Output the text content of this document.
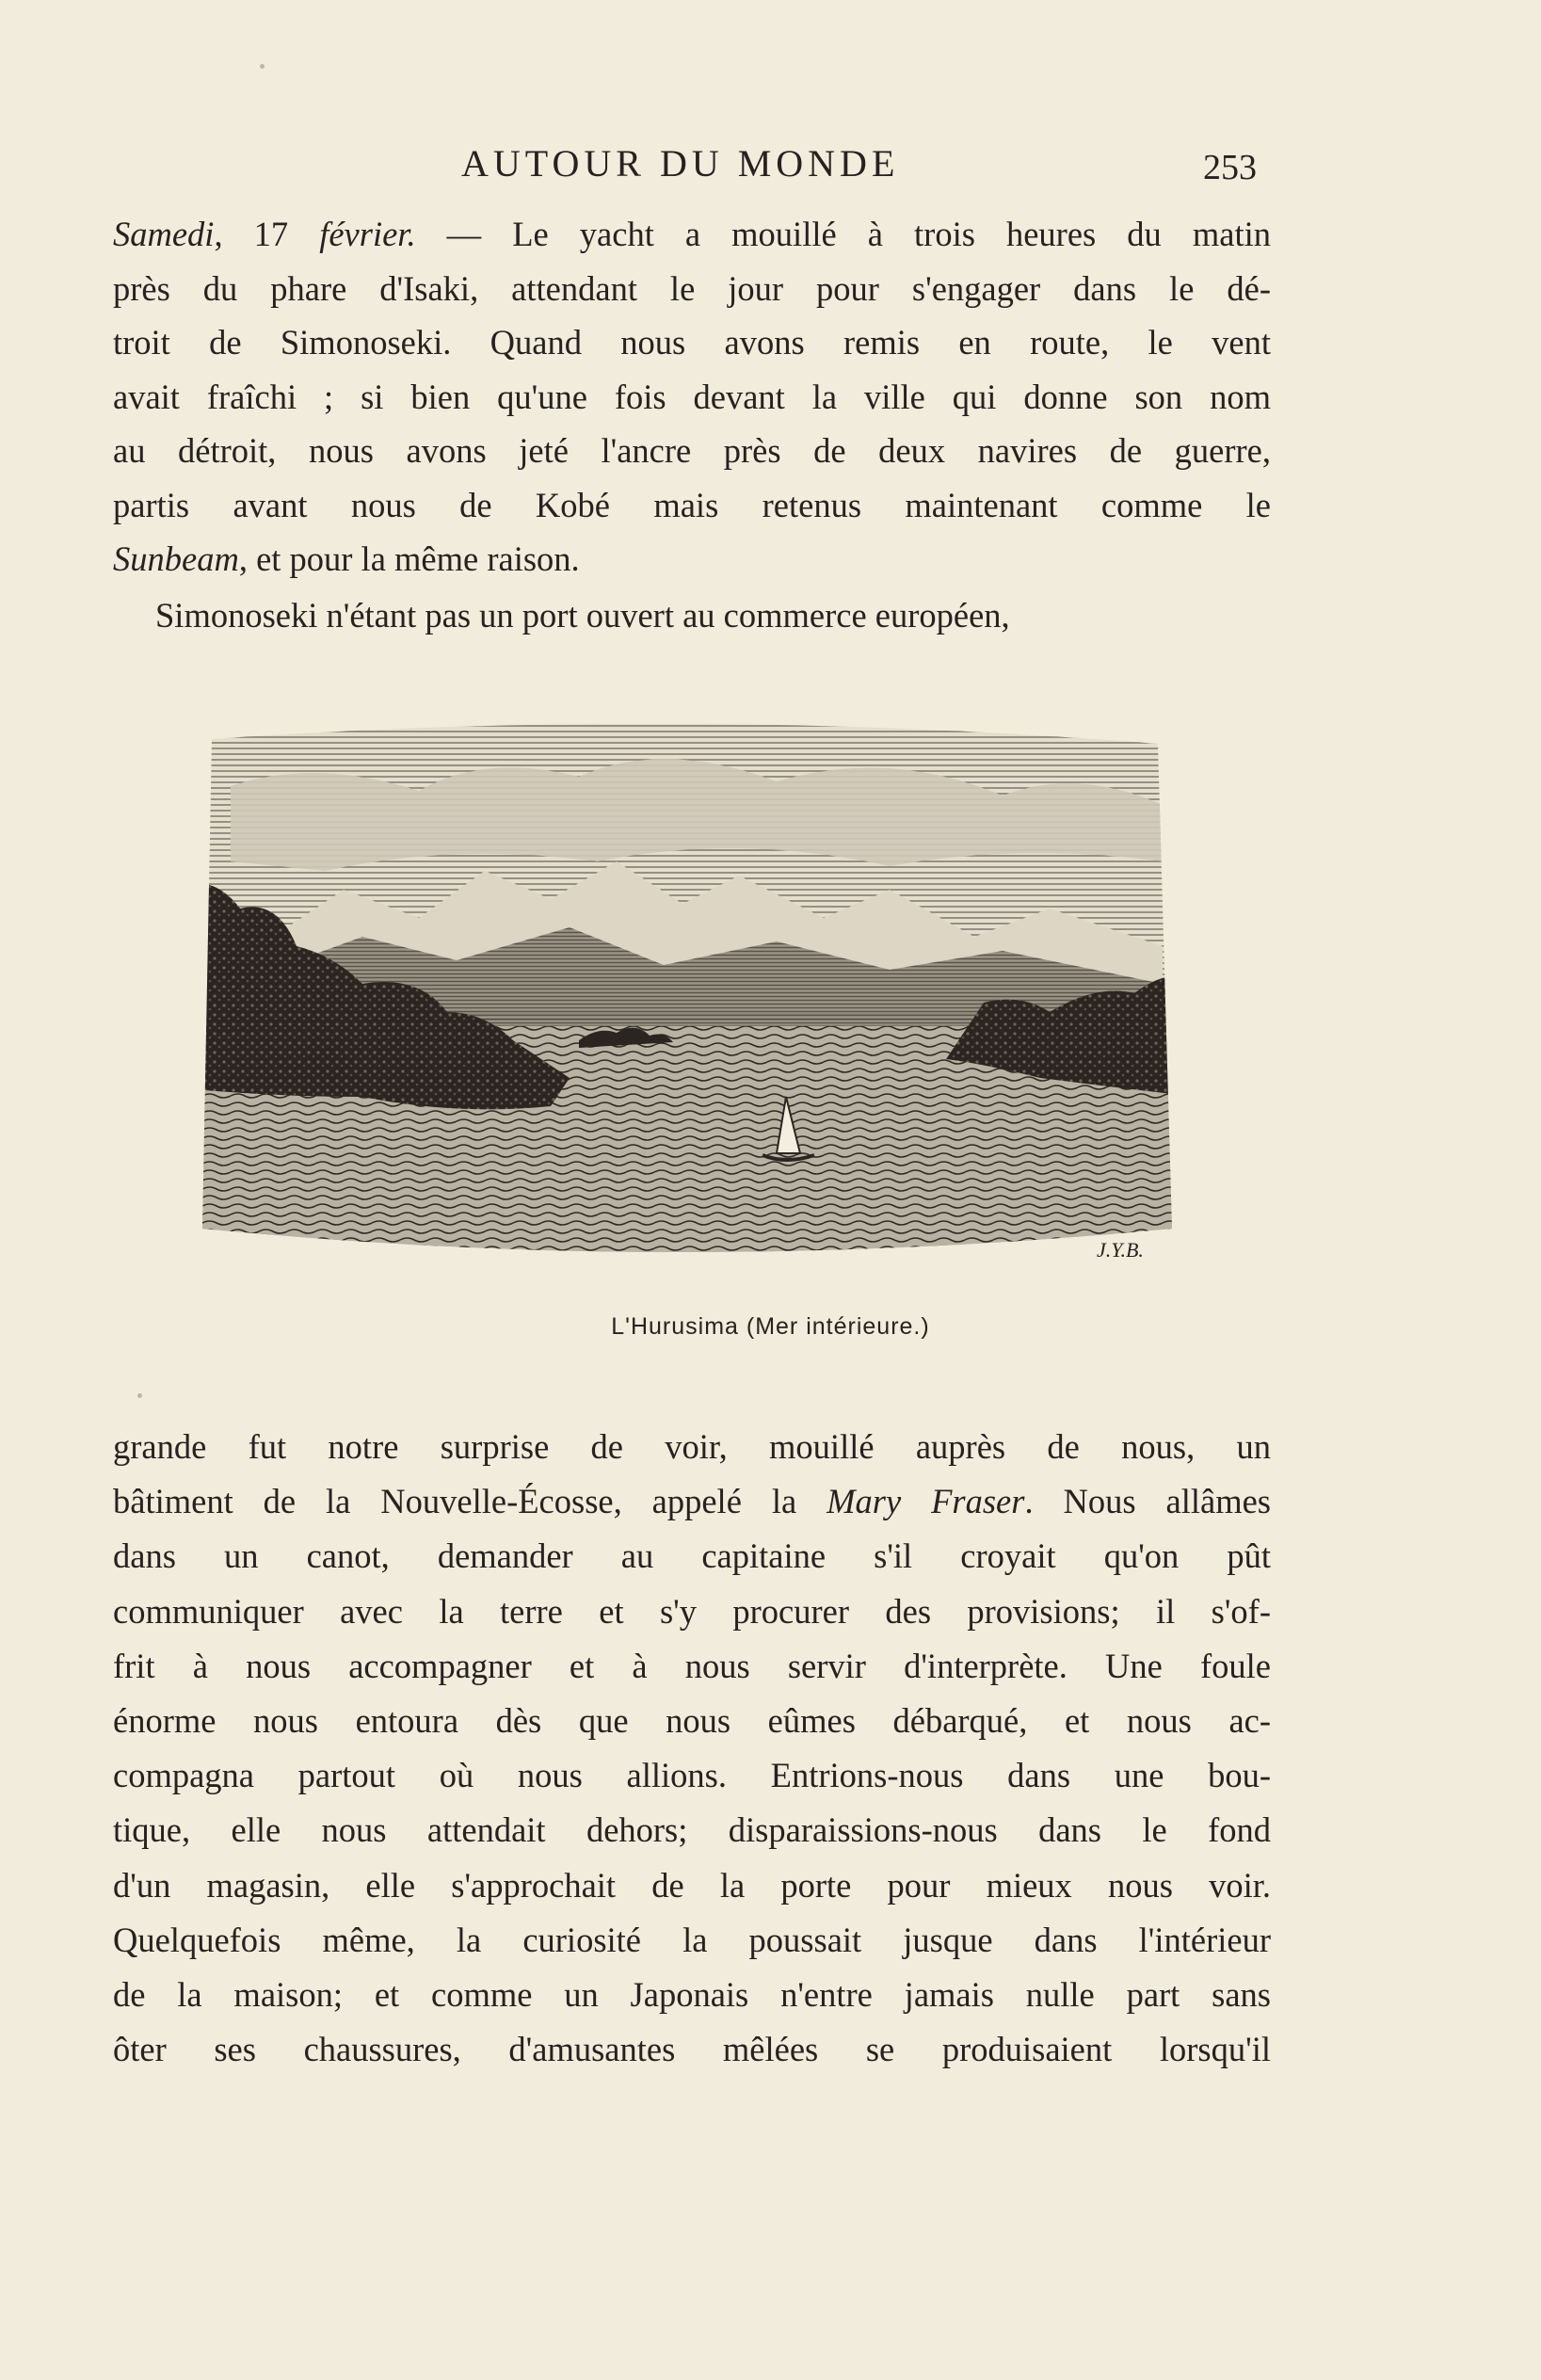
AUTOUR DU MONDE	253
Samedi, 17 février. — Le yacht a mouillé à trois heures du matin
près du phare d'Isaki, attendant le jour pour s'engager dans le dé-
troit de Simonoseki. Quand nous avons remis en route, le vent
avait fraîchi ; si bien qu'une fois devant la ville qui donne son nom
au détroit, nous avons jeté l'ancre près de deux navires de guerre,
partis avant nous de Kobé mais retenus maintenant comme le
Sunbeam, et pour la même raison.
Simonoseki n'étant pas un port ouvert au commerce européen,
J.Y.B.
L'Hurusima (Mer intérieure.)
grande fut notre surprise de voir, mouillé auprès de nous, un
bâtiment de la Nouvelle-Écosse, appelé la Mary Fraser. Nous allâmes
dans un canot, demander au capitaine s'il croyait qu'on pût
communiquer avec la terre et s'y procurer des provisions; il s'of-
frit à nous accompagner et à nous servir d'interprète. Une foule
énorme nous entoura dès que nous eûmes débarqué, et nous ac-
compagna partout où nous allions. Entrions-nous dans une bou-
tique, elle nous attendait dehors; disparaissions-nous dans le fond
d'un magasin, elle s'approchait de la porte pour mieux nous voir.
Quelquefois même, la curiosité la poussait jusque dans l'intérieur
de la maison; et comme un Japonais n'entre jamais nulle part sans
ôter ses chaussures, d'amusantes mêlées se produisaient lorsqu'il
